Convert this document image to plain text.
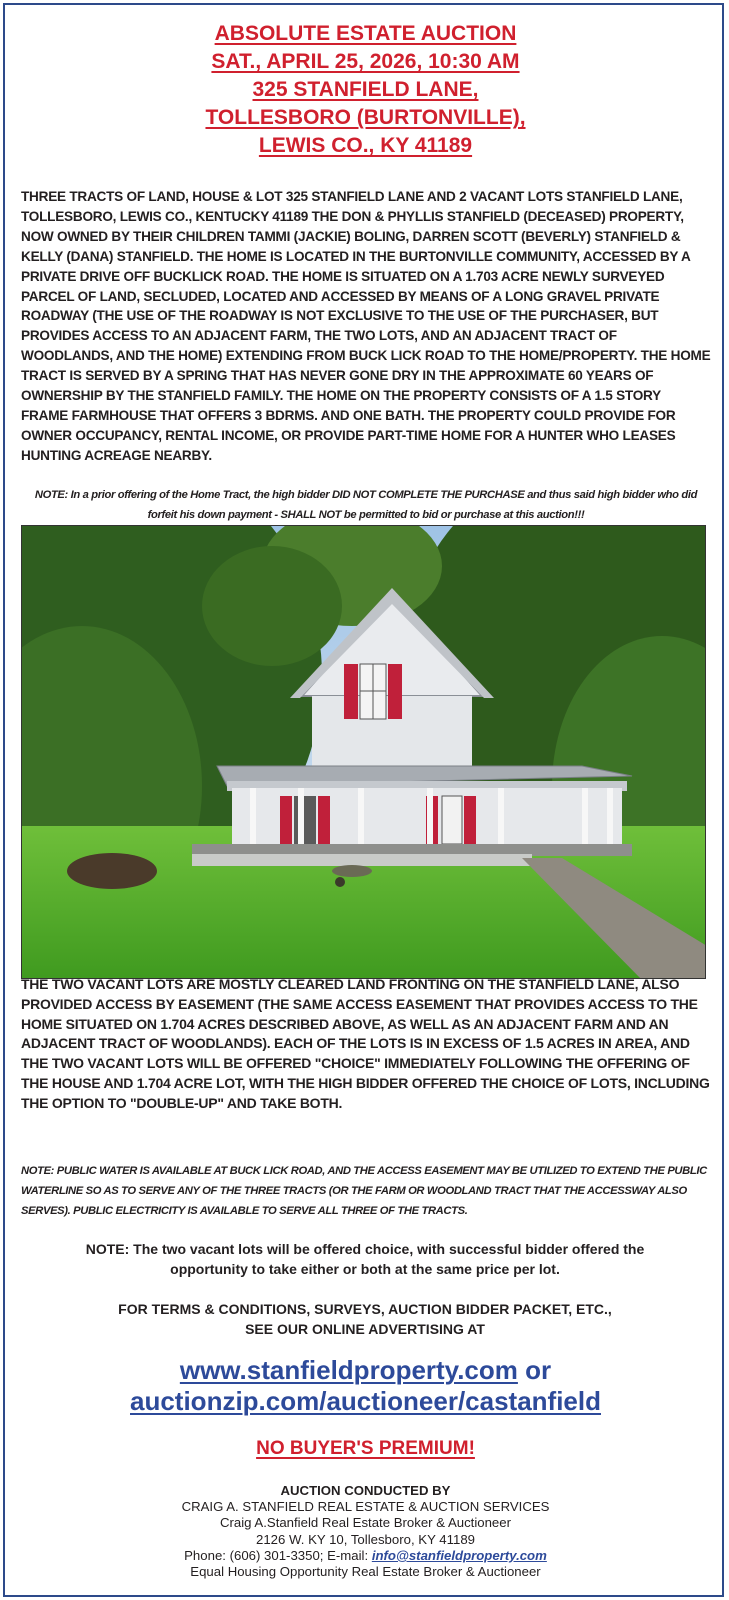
ABSOLUTE ESTATE AUCTION
SAT., APRIL 25, 2026, 10:30 AM
325 STANFIELD LANE,
TOLLESBORO (BURTONVILLE),
LEWIS CO., KY 41189

THREE TRACTS OF LAND, HOUSE & LOT 325 STANFIELD LANE AND 2 VACANT LOTS STANFIELD LANE, TOLLESBORO, LEWIS CO., KENTUCKY 41189 THE DON & PHYLLIS STANFIELD (DECEASED) PROPERTY, NOW OWNED BY THEIR CHILDREN TAMMI (JACKIE) BOLING, DARREN SCOTT (BEVERLY) STANFIELD & KELLY (DANA) STANFIELD. THE HOME IS LOCATED IN THE BURTONVILLE COMMUNITY, ACCESSED BY A PRIVATE DRIVE OFF BUCKLICK ROAD. THE HOME IS SITUATED ON A 1.703 ACRE NEWLY SURVEYED PARCEL OF LAND, SECLUDED, LOCATED AND ACCESSED BY MEANS OF A LONG GRAVEL PRIVATE ROADWAY (THE USE OF THE ROADWAY IS NOT EXCLUSIVE TO THE USE OF THE PURCHASER, BUT PROVIDES ACCESS TO AN ADJACENT FARM, THE TWO LOTS, AND AN ADJACENT TRACT OF WOODLANDS, AND THE HOME) EXTENDING FROM BUCK LICK ROAD TO THE HOME/PROPERTY. THE HOME TRACT IS SERVED BY A SPRING THAT HAS NEVER GONE DRY IN THE APPROXIMATE 60 YEARS OF OWNERSHIP BY THE STANFIELD FAMILY. THE HOME ON THE PROPERTY CONSISTS OF A 1.5 STORY FRAME FARMHOUSE THAT OFFERS 3 BDRMS. AND ONE BATH. THE PROPERTY COULD PROVIDE FOR OWNER OCCUPANCY, RENTAL INCOME, OR PROVIDE PART-TIME HOME FOR A HUNTER WHO LEASES HUNTING ACREAGE NEARBY.

NOTE: In a prior offering of the Home Tract, the high bidder DID NOT COMPLETE THE PURCHASE and thus said high bidder who did forfeit his down payment - SHALL NOT be permitted to bid or purchase at this auction!!!

THE TWO VACANT LOTS ARE MOSTLY CLEARED LAND FRONTING ON THE STANFIELD LANE, ALSO PROVIDED ACCESS BY EASEMENT (THE SAME ACCESS EASEMENT THAT PROVIDES ACCESS TO THE HOME SITUATED ON 1.704 ACRES DESCRIBED ABOVE, AS WELL AS AN ADJACENT FARM AND AN ADJACENT TRACT OF WOODLANDS). EACH OF THE LOTS IS IN EXCESS OF 1.5 ACRES IN AREA, AND THE TWO VACANT LOTS WILL BE OFFERED "CHOICE" IMMEDIATELY FOLLOWING THE OFFERING OF THE HOUSE AND 1.704 ACRE LOT, WITH THE HIGH BIDDER OFFERED THE CHOICE OF LOTS, INCLUDING THE OPTION TO "DOUBLE-UP" AND TAKE BOTH.

NOTE: PUBLIC WATER IS AVAILABLE AT BUCK LICK ROAD, AND THE ACCESS EASEMENT MAY BE UTILIZED TO EXTEND THE PUBLIC WATERLINE SO AS TO SERVE ANY OF THE THREE TRACTS (OR THE FARM OR WOODLAND TRACT THAT THE ACCESSWAY ALSO SERVES). PUBLIC ELECTRICITY IS AVAILABLE TO SERVE ALL THREE OF THE TRACTS.

NOTE: The two vacant lots will be offered choice, with successful bidder offered the opportunity to take either or both at the same price per lot.

FOR TERMS & CONDITIONS, SURVEYS, AUCTION BIDDER PACKET, ETC.,
SEE OUR ONLINE ADVERTISING AT
www.stanfieldproperty.com or
auctionzip.com/auctioneer/castanfield
NO BUYER'S PREMIUM!
AUCTION CONDUCTED BY
CRAIG A. STANFIELD REAL ESTATE & AUCTION SERVICES
Craig A.Stanfield Real Estate Broker & Auctioneer
2126 W. KY 10, Tollesboro, KY 41189
Phone: (606) 301-3350; E-mail: info@stanfieldproperty.com
Equal Housing Opportunity Real Estate Broker & Auctioneer
